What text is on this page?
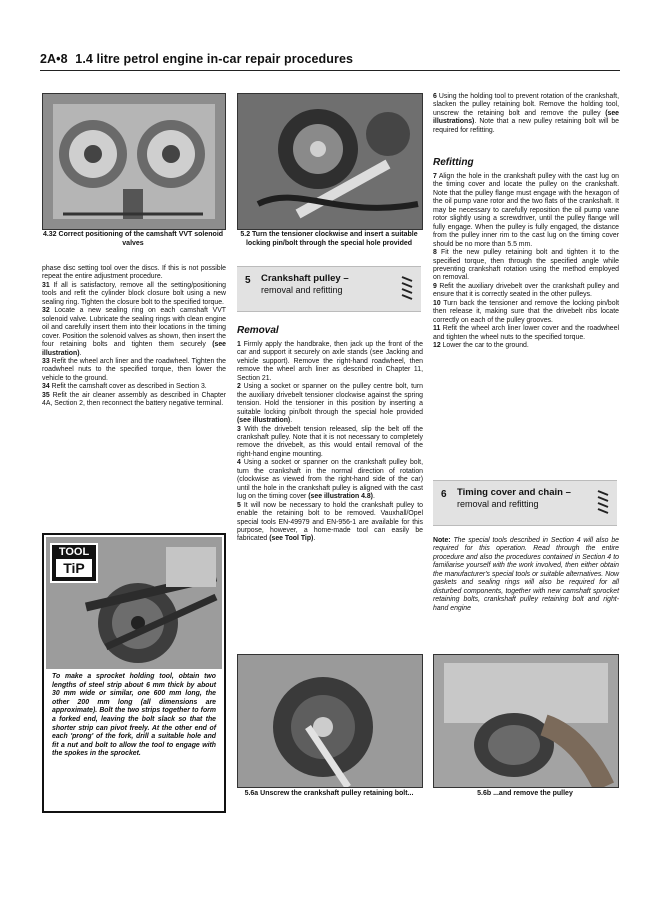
2A•8 1.4 litre petrol engine in-car repair procedures
4.32 Correct positioning of the camshaft VVT solenoid valves

phase disc setting tool over the discs. If this is not possible repeat the entire adjustment procedure.

31 If all is satisfactory, remove all the setting/positioning tools and refit the cylinder block closure bolt using a new sealing ring. Tighten the closure bolt to the specified torque.

32 Locate a new sealing ring on each camshaft VVT solenoid valve. Lubricate the sealing rings with clean engine oil and carefully insert them into their locations in the timing cover. Position the solenoid valves as shown, then insert the four retaining bolts and tighten them securely (see illustration).

33 Refit the wheel arch liner and the roadwheel. Tighten the roadwheel nuts to the specified torque, then lower the vehicle to the ground.

34 Refit the camshaft cover as described in Section 3.

35 Refit the air cleaner assembly as described in Chapter 4A, Section 2, then reconnect the battery negative terminal.

TOOL
TiP
To make a sprocket holding tool, obtain two lengths of steel strip about 6 mm thick by about 30 mm wide or similar, one 600 mm long, the other 200 mm long (all dimensions are approximate). Bolt the two strips together to form a forked end, leaving the bolt slack so that the shorter strip can pivot freely. At the other end of each 'prong' of the fork, drill a suitable hole and fit a nut and bolt to allow the tool to engage with the spokes in the sprocket.
5.2 Turn the tensioner clockwise and insert a suitable locking pin/bolt through the special hole provided
5 Crankshaft pulley –
removal and refitting
Removal

1 Firmly apply the handbrake, then jack up the front of the car and support it securely on axle stands (see Jacking and vehicle support). Remove the right-hand roadwheel, then remove the wheel arch liner as described in Chapter 11, Section 21.

2 Using a socket or spanner on the pulley centre bolt, turn the auxiliary drivebelt tensioner clockwise against the spring tension. Hold the tensioner in this position by inserting a suitable locking pin/bolt through the special hole provided (see illustration).

3 With the drivebelt tension released, slip the belt off the crankshaft pulley. Note that it is not necessary to completely remove the drivebelt, as this would entail removal of the right-hand engine mounting.

4 Using a socket or spanner on the crankshaft pulley bolt, turn the crankshaft in the normal direction of rotation (clockwise as viewed from the right-hand side of the car) until the hole in the crankshaft pulley is aligned with the cast lug on the timing cover (see illustration 4.8).

5 It will now be necessary to hold the crankshaft pulley to enable the retaining bolt to be removed. Vauxhall/Opel special tools EN-49979 and EN-956-1 are available for this purpose, however, a home-made tool can easily be fabricated (see Tool Tip).

5.6a Unscrew the crankshaft pulley retaining bolt...

6 Using the holding tool to prevent rotation of the crankshaft, slacken the pulley retaining bolt. Remove the holding tool, unscrew the retaining bolt and remove the pulley (see illustrations). Note that a new pulley retaining bolt will be required for refitting.

Refitting

7 Align the hole in the crankshaft pulley with the cast lug on the timing cover and locate the pulley on the crankshaft. Note that the pulley flange must engage with the hexagon of the oil pump vane rotor and the two flats of the crankshaft. It may be necessary to carefully reposition the oil pump vane rotor slightly using a screwdriver, until the pulley flange will fully engage. When the pulley is fully engaged, the distance from the pulley inner rim to the cast lug on the timing cover should be no more than 5.5 mm.

8 Fit the new pulley retaining bolt and tighten it to the specified torque, then through the specified angle while preventing crankshaft rotation using the method employed on removal.

9 Refit the auxiliary drivebelt over the crankshaft pulley and ensure that it is correctly seated in the other pulleys.

10 Turn back the tensioner and remove the locking pin/bolt then release it, making sure that the drivebelt ribs locate correctly on each of the pulley grooves.

11 Refit the wheel arch liner lower cover and the roadwheel and tighten the wheel nuts to the specified torque.

12 Lower the car to the ground.

6 Timing cover and chain –
removal and refitting

Note: The special tools described in Section 4 will also be required for this operation. Read through the entire procedure and also the procedures contained in Section 4 to familiarise yourself with the work involved, then either obtain the manufacturer's special tools or suitable alternatives. Now gaskets and sealing rings will also be required for all disturbed components, together with new camshaft sprocket retaining bolts, crankshaft pulley retaining bolt and right-hand engine

5.6b ...and remove the pulley
